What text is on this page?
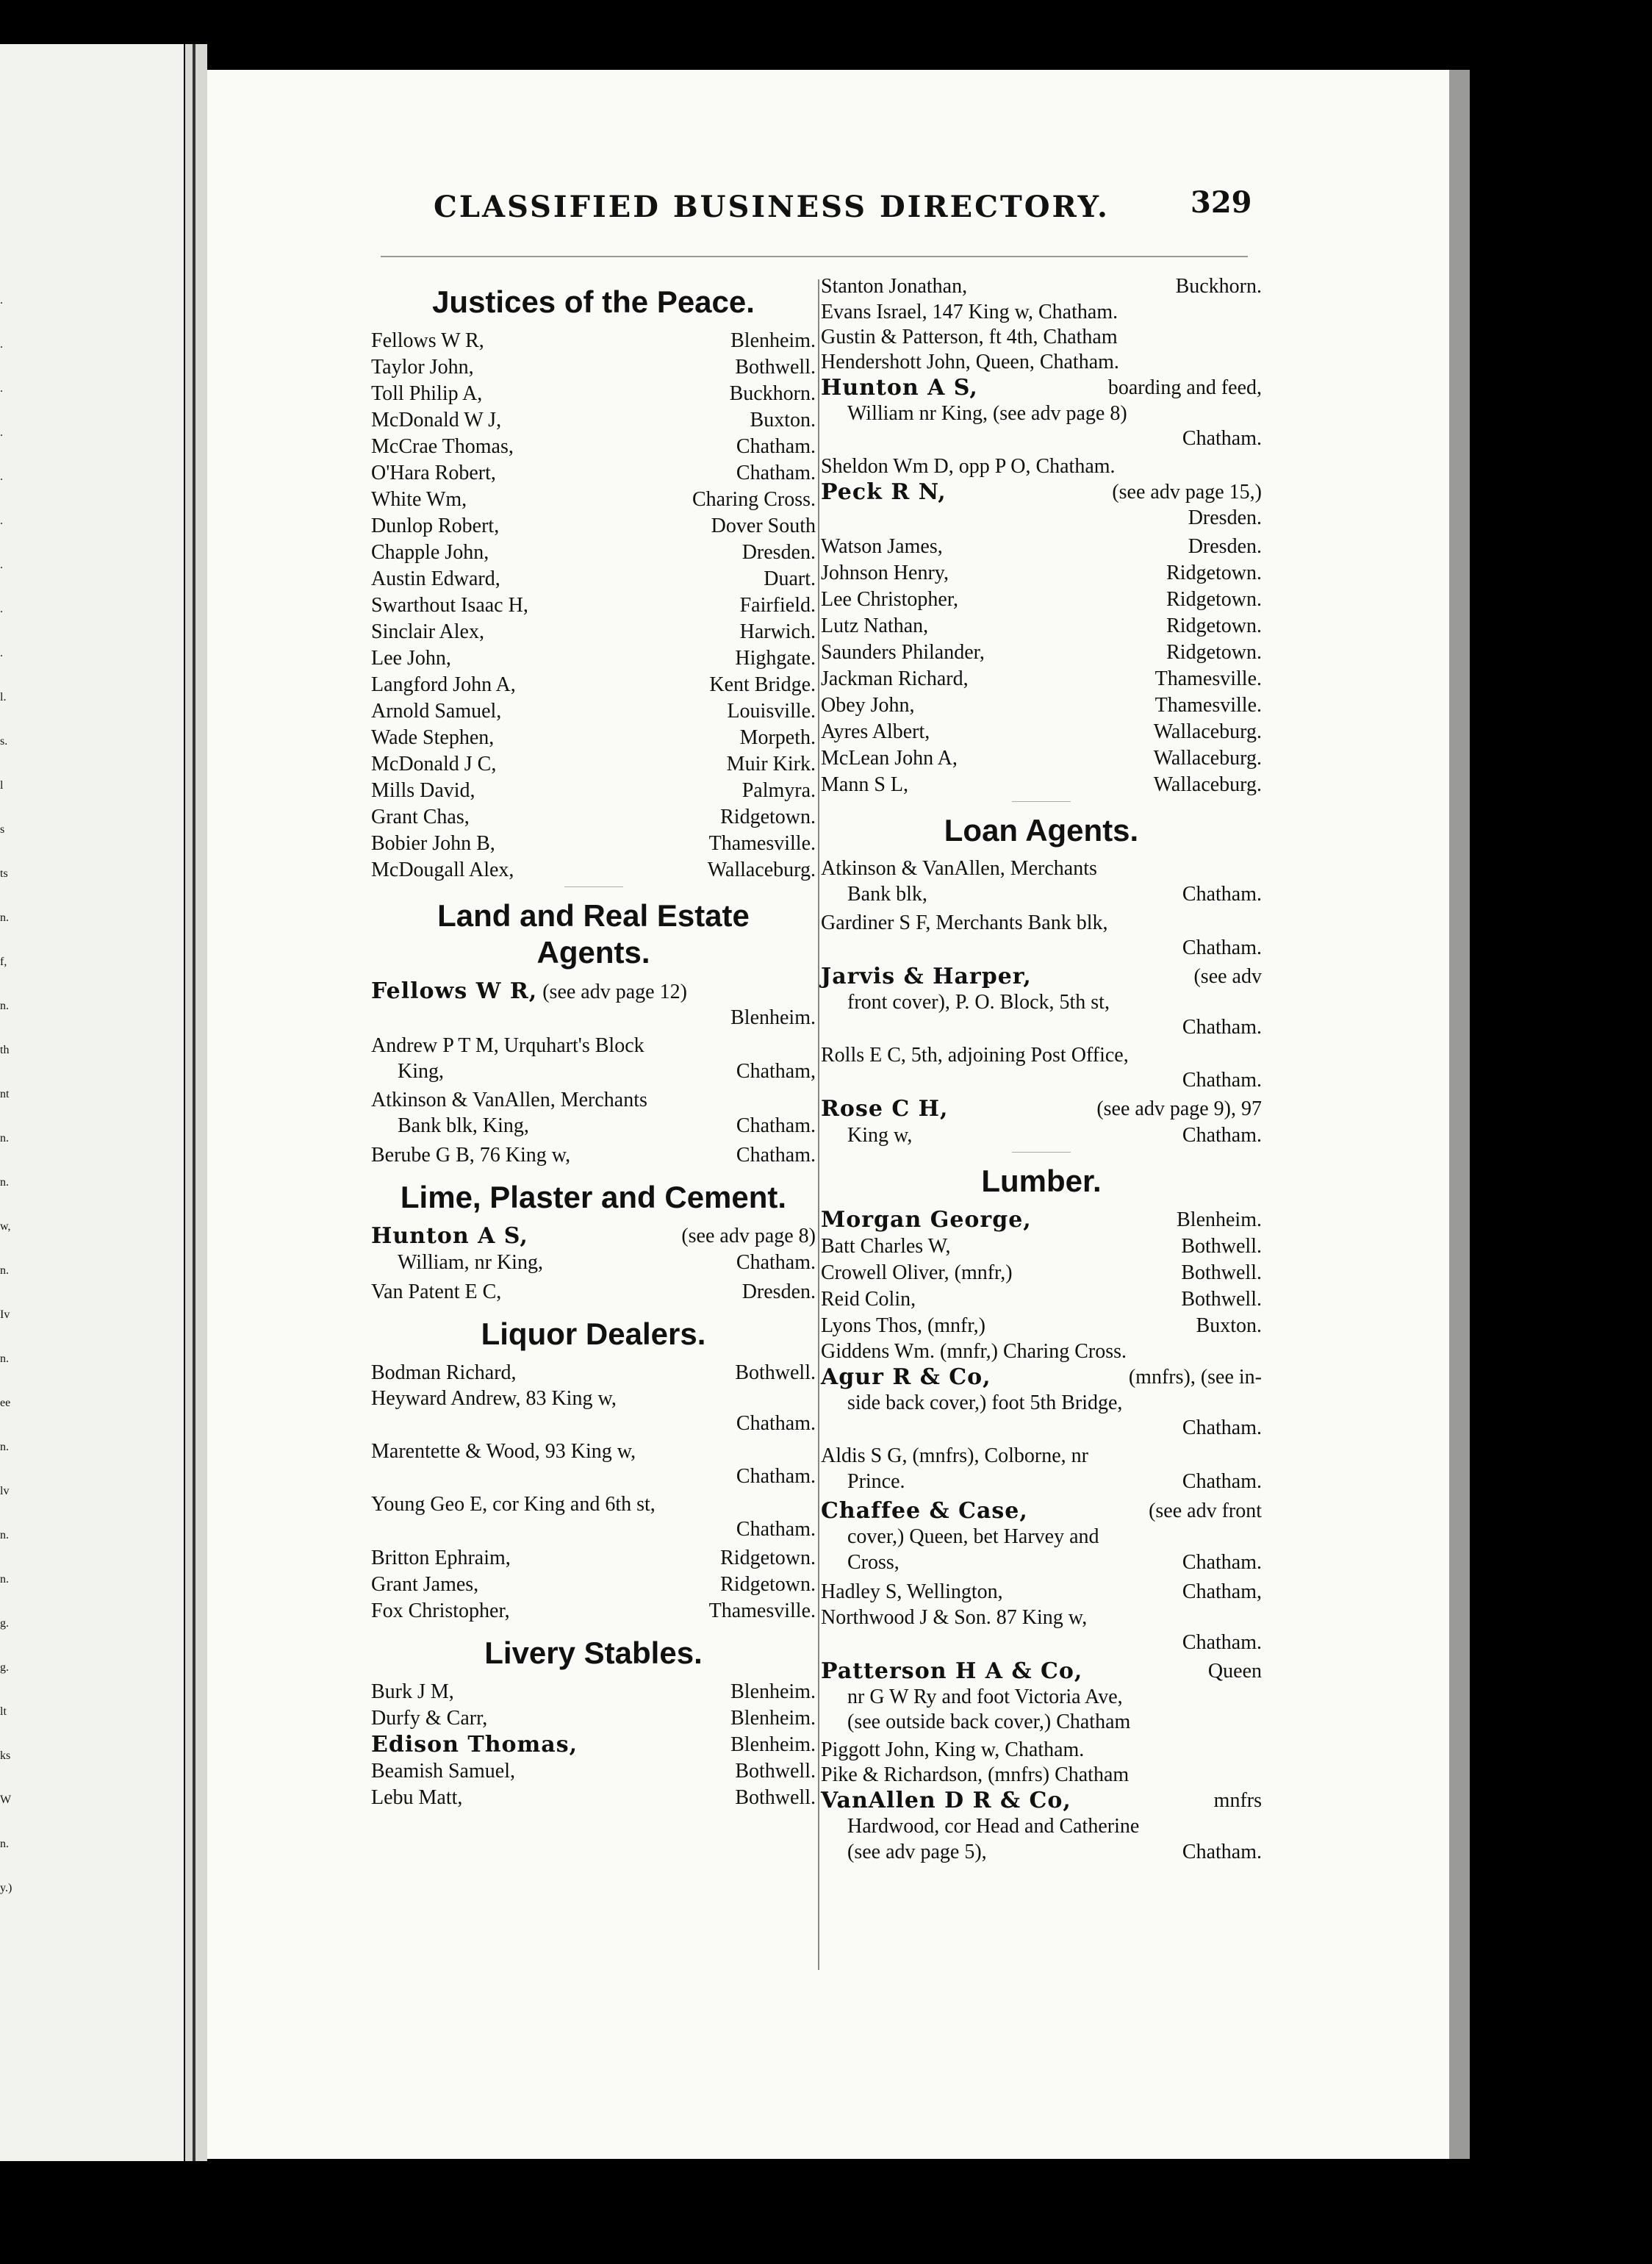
.
.
.
.
.
.
.
.
.
l.
s.
l
s
ts
n.
f,
n.
th
nt
n.
n.
w,
n.
Iv
n.
ee
n.
lv
n.
n.
g.
g.
lt
ks
W
n.
y.)
CLASSIFIED BUSINESS DIRECTORY.	329
Justices of the Peace.
Fellows W R,	Blenheim.
Taylor John,	Bothwell.
Toll Philip A,	Buckhorn.
McDonald W J,	Buxton.
McCrae Thomas,	Chatham.
O'Hara Robert,	Chatham.
White Wm,	Charing Cross.
Dunlop Robert,	Dover South
Chapple John,	Dresden.
Austin Edward,	Duart.
Swarthout Isaac H,	Fairfield.
Sinclair Alex,	Harwich.
Lee John,	Highgate.
Langford John A,	Kent Bridge.
Arnold Samuel,	Louisville.
Wade Stephen,	Morpeth.
McDonald J C,	Muir Kirk.
Mills David,	Palmyra.
Grant Chas,	Ridgetown.
Bobier John B,	Thamesville.
McDougall Alex,	Wallaceburg.
Land and Real Estate
Agents.
Fellows W R, (see adv page 12)
Blenheim.
Andrew P T M, Urquhart's Block
King,	Chatham,
Atkinson & VanAllen, Merchants
Bank blk, King,	Chatham.
Berube G B, 76 King w,	Chatham.
Lime, Plaster and Cement.
Hunton A S,	(see adv page 8)
William, nr King,	Chatham.
Van Patent E C,	Dresden.
Liquor Dealers.
Bodman Richard,	Bothwell.
Heyward Andrew, 83 King w,
Chatham.
Marentette & Wood, 93 King w,
Chatham.
Young Geo E, cor King and 6th st,
Chatham.
Britton Ephraim,	Ridgetown.
Grant James,	Ridgetown.
Fox Christopher,	Thamesville.
Livery Stables.
Burk J M,	Blenheim.
Durfy & Carr,	Blenheim.
Edison Thomas,	Blenheim.
Beamish Samuel,	Bothwell.
Lebu Matt,	Bothwell.
Stanton Jonathan,	Buckhorn.
Evans Israel, 147 King w, Chatham.
Gustin & Patterson, ft 4th, Chatham
Hendershott John, Queen, Chatham.
Hunton A S,	boarding and feed,
William nr King, (see adv page 8)
Chatham.
Sheldon Wm D, opp P O, Chatham.
Peck R N,	(see adv page 15,)
Dresden.
Watson James,	Dresden.
Johnson Henry,	Ridgetown.
Lee Christopher,	Ridgetown.
Lutz Nathan,	Ridgetown.
Saunders Philander,	Ridgetown.
Jackman Richard,	Thamesville.
Obey John,	Thamesville.
Ayres Albert,	Wallaceburg.
McLean John A,	Wallaceburg.
Mann S L,	Wallaceburg.
Loan Agents.
Atkinson & VanAllen, Merchants
Bank blk,	Chatham.
Gardiner S F, Merchants Bank blk,
Chatham.
Jarvis & Harper,	(see adv
front cover), P. O. Block, 5th st,
Chatham.
Rolls E C, 5th, adjoining Post Office,
Chatham.
Rose C H,	(see adv page 9), 97
King w,	Chatham.
Lumber.
Morgan George,	Blenheim.
Batt Charles W,	Bothwell.
Crowell Oliver, (mnfr,)	Bothwell.
Reid Colin,	Bothwell.
Lyons Thos, (mnfr,)	Buxton.
Giddens Wm. (mnfr,) Charing Cross.
Agur R & Co,	(mnfrs), (see in-
side back cover,) foot 5th Bridge,
Chatham.
Aldis S G, (mnfrs), Colborne, nr
Prince.	Chatham.
Chaffee & Case,	(see adv front
cover,) Queen, bet Harvey and
Cross,	Chatham.
Hadley S, Wellington,	Chatham,
Northwood J & Son. 87 King w,
Chatham.
Patterson H A & Co,	Queen
nr G W Ry and foot Victoria Ave,
(see outside back cover,) Chatham
Piggott John, King w, Chatham.
Pike & Richardson, (mnfrs) Chatham
VanAllen D R & Co,	mnfrs
Hardwood, cor Head and Catherine
(see adv page 5),	Chatham.
